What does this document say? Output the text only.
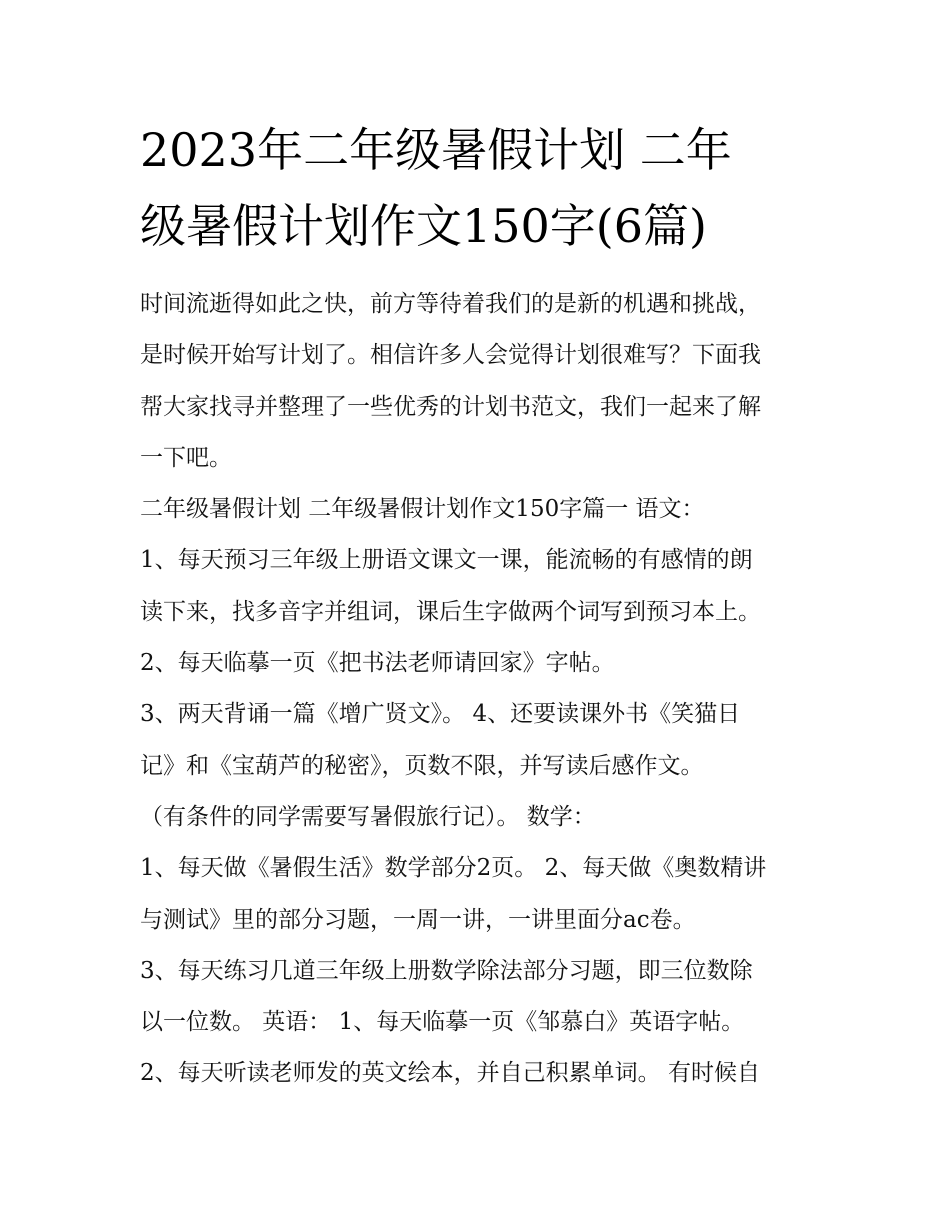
2023年二年级暑假计划 二年
级暑假计划作文150字(6篇)
时间流逝得如此之快，前方等待着我们的是新的机遇和挑战，
是时候开始写计划了。相信许多人会觉得计划很难写？下面我
帮大家找寻并整理了一些优秀的计划书范文，我们一起来了解
一下吧。
二年级暑假计划 二年级暑假计划作文150字篇一 语文：
1、每天预习三年级上册语文课文一课，能流畅的有感情的朗
读下来，找多音字并组词，课后生字做两个词写到预习本上。
2、每天临摹一页《把书法老师请回家》字帖。
3、两天背诵一篇《增广贤文》。 4、还要读课外书《笑猫日
记》和《宝葫芦的秘密》，页数不限，并写读后感作文。
（有条件的同学需要写暑假旅行记）。 数学：
1、每天做《暑假生活》数学部分2页。 2、每天做《奥数精讲
与测试》里的部分习题，一周一讲，一讲里面分ac卷。
3、每天练习几道三年级上册数学除法部分习题，即三位数除
以一位数。 英语： 1、每天临摹一页《邹慕白》英语字帖。
2、每天听读老师发的英文绘本，并自己积累单词。 有时候自
